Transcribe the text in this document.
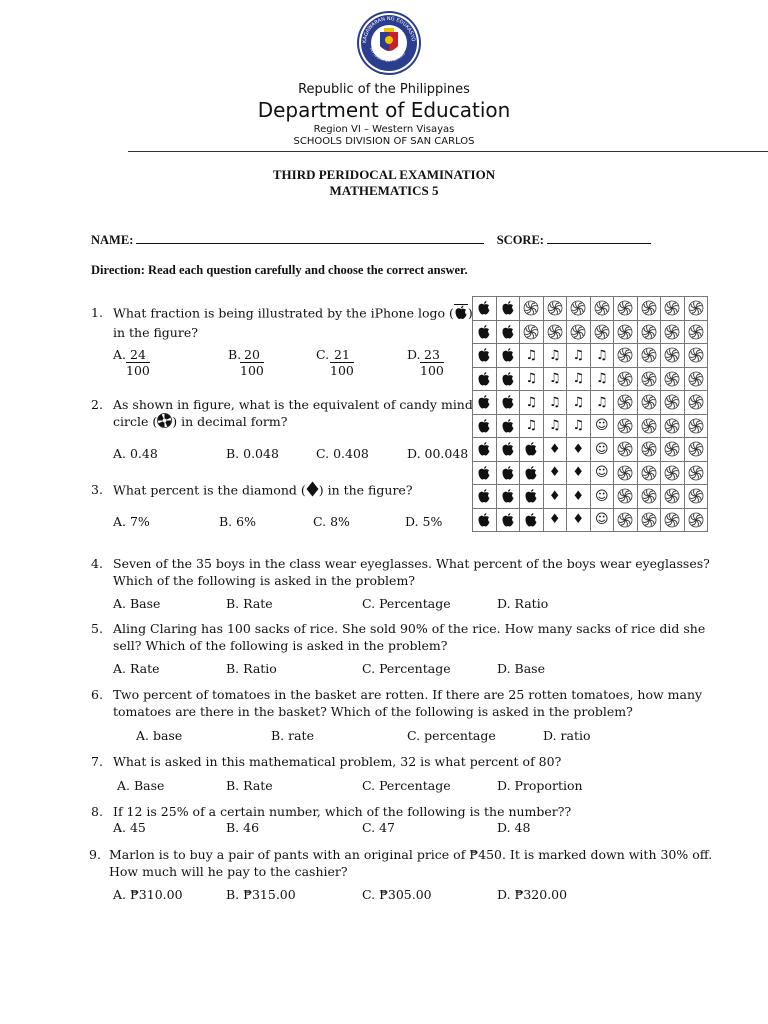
KAGAWARAN NG EDUKASYO
REPUBLIKA NG PILIPINAS
Republic of the Philippines
Department of Education
Region VI – Western Visayas
SCHOOLS DIVISION OF SAN CARLOS
THIRD PERIDOCAL EXAMINATION
MATHEMATICS 5
NAME:	SCORE:
Direction: Read each question carefully and choose the correct answer.
1. What fraction is being illustrated by the iPhone logo ( )
in the figure?
A. $\frac{24}{100}$	B.
$\frac{20}{100}$	C. $\frac{21}{100}$	D. $\frac{23}{100}$
2. As shown in figure, what is the equivalent of candy mind
circle ( ) in decimal form?
A. 0.48	B. 0.048	C. 0.408	D. 00.048
3. What percent is the diamond ( ) in the figure?
A. 7%	B. 6%	C. 8%	D. 5%

	♫	♫	♫	♫	

	♫	♫	♫	♫	

	♫	♫	♫	♫	

	♫	♫	♫	☺	

	♦	♦	☺	

	♦	♦	☺	

	♦	♦	☺	

	♦	♦	☺	

4. Seven of the 35 boys in the class wear eyeglasses. What percent of the boys wear eyeglasses?
Which of the following is asked in the problem?
A. Base	B. Rate	C. Percentage	D. Ratio
5. Aling Claring has 100 sacks of rice. She sold 90% of the rice. How many sacks of rice did she
sell? Which of the following is asked in the problem?
A. Rate	B. Ratio	C. Percentage	D. Base
6. Two percent of tomatoes in the basket are rotten. If there are 25 rotten tomatoes, how many
tomatoes are there in the basket? Which of the following is asked in the problem?
A. base	B. rate	C. percentage	D. ratio
7. What is asked in this mathematical problem, 32 is what percent of 80?
A. Base	B. Rate	C. Percentage	D. Proportion
8. If 12 is 25% of a certain number, which of the following is the number??
A. 45	B. 46	C. 47	D. 48
9. Marlon is to buy a pair of pants with an original price of ₱450. It is marked down with 30% off.
How much will he pay to the cashier?
A. ₱310.00	B. ₱315.00	C. ₱305.00	D. ₱320.00
